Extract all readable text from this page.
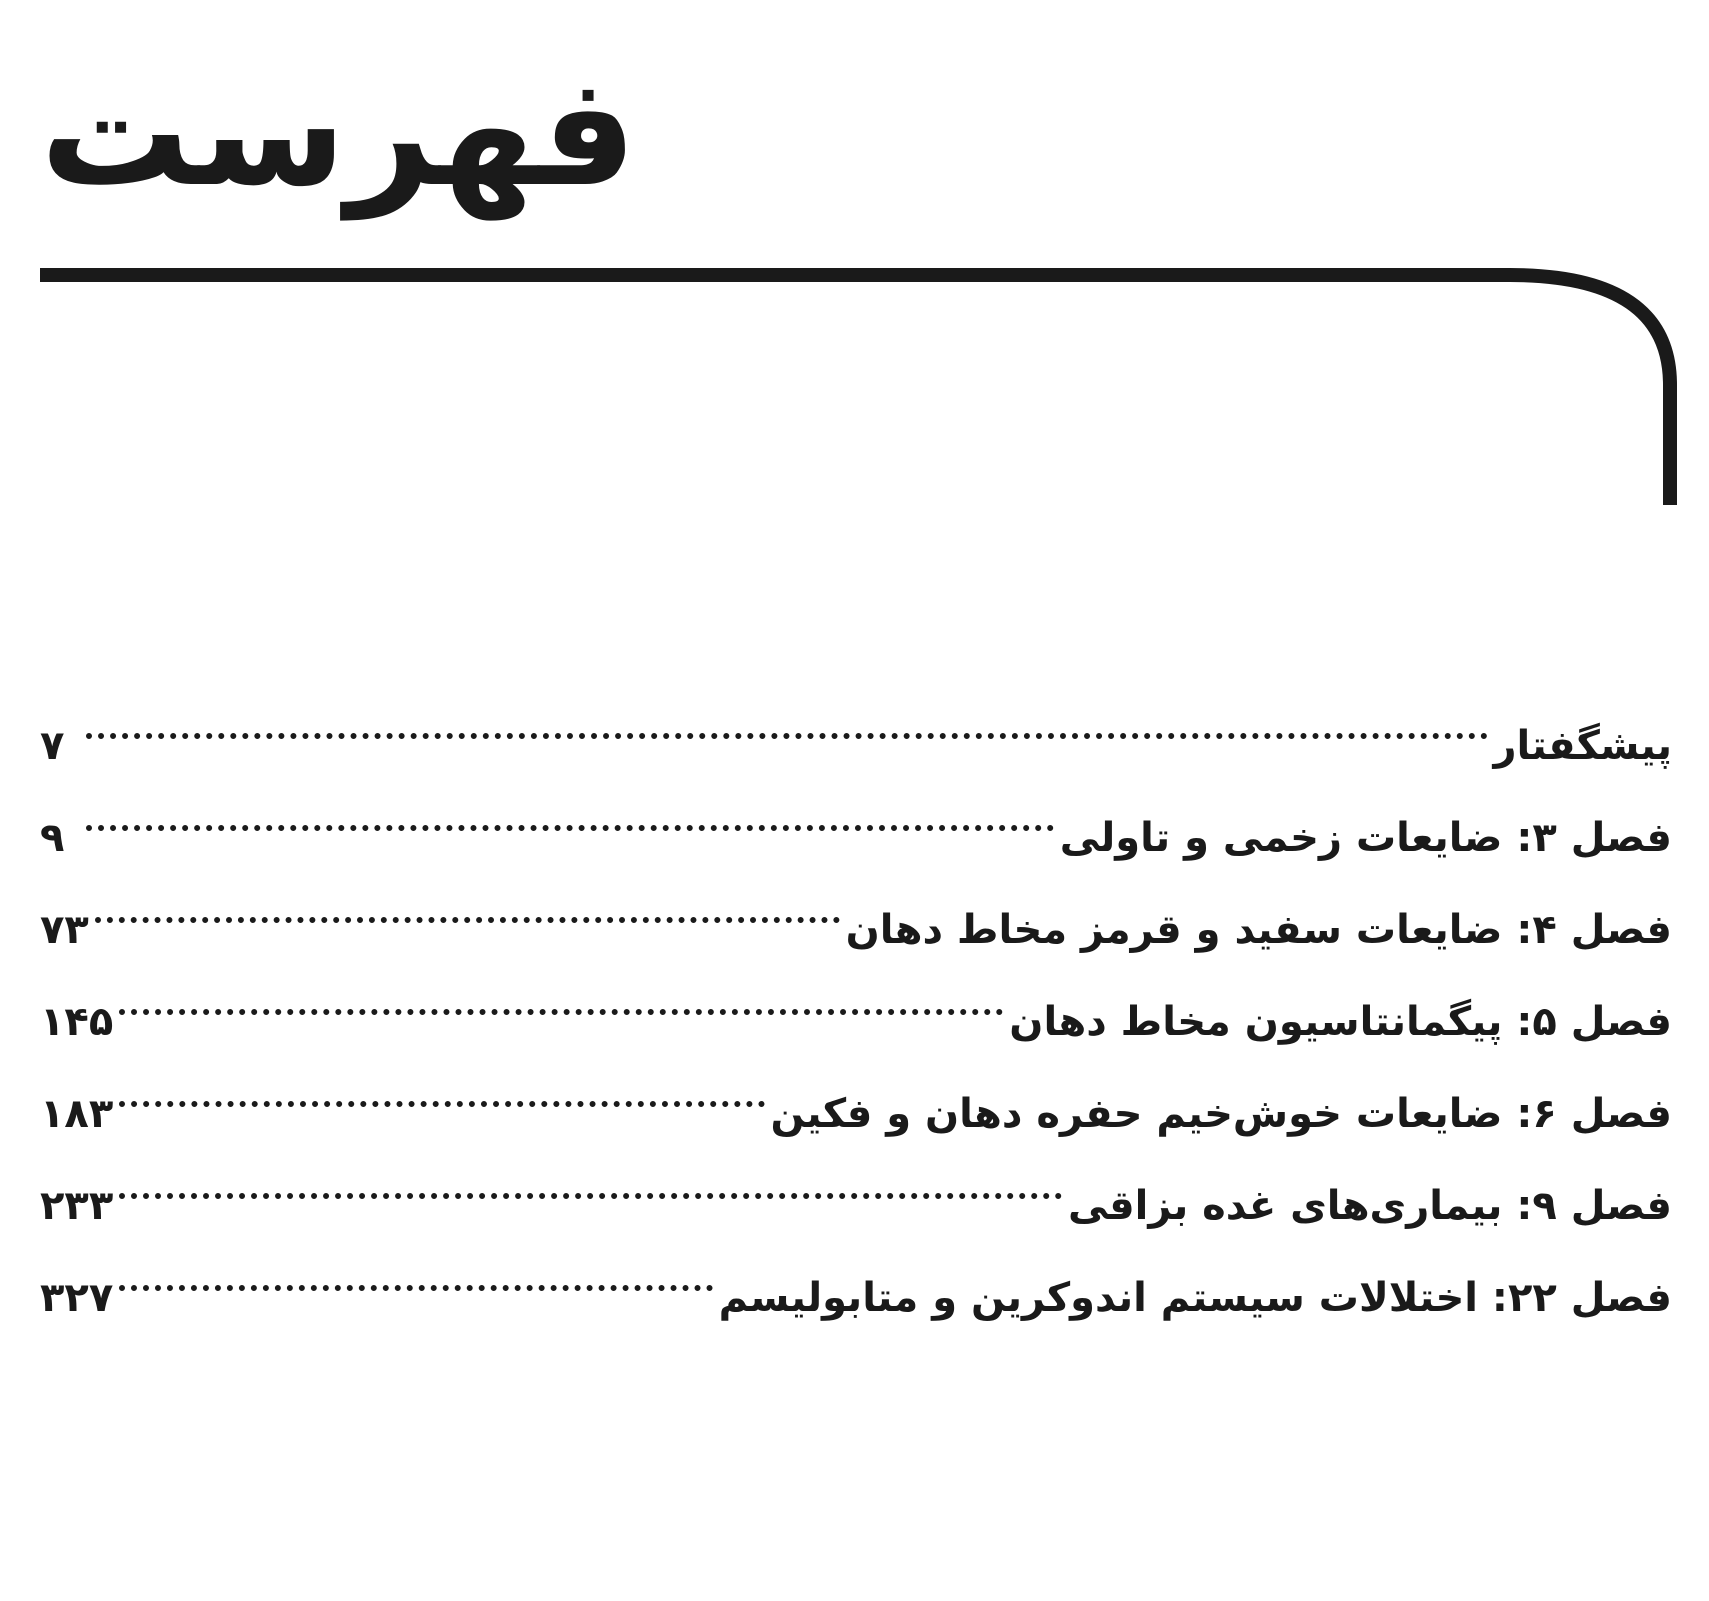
فهرست
پیشگفتار
۷
فصل ۳: ضایعات زخمی و تاولی
۹
فصل ۴: ضایعات سفید و قرمز مخاط دهان
۷۳
فصل ۵: پیگمانتاسیون مخاط دهان
۱۴۵
فصل ۶: ضایعات خوش‌خیم حفره دهان و فکین
۱۸۳
فصل ۹: بیماری‌های غده بزاقی
۲۳۳
فصل ۲۲: اختلالات سیستم اندوکرین و متابولیسم
۳۲۷
